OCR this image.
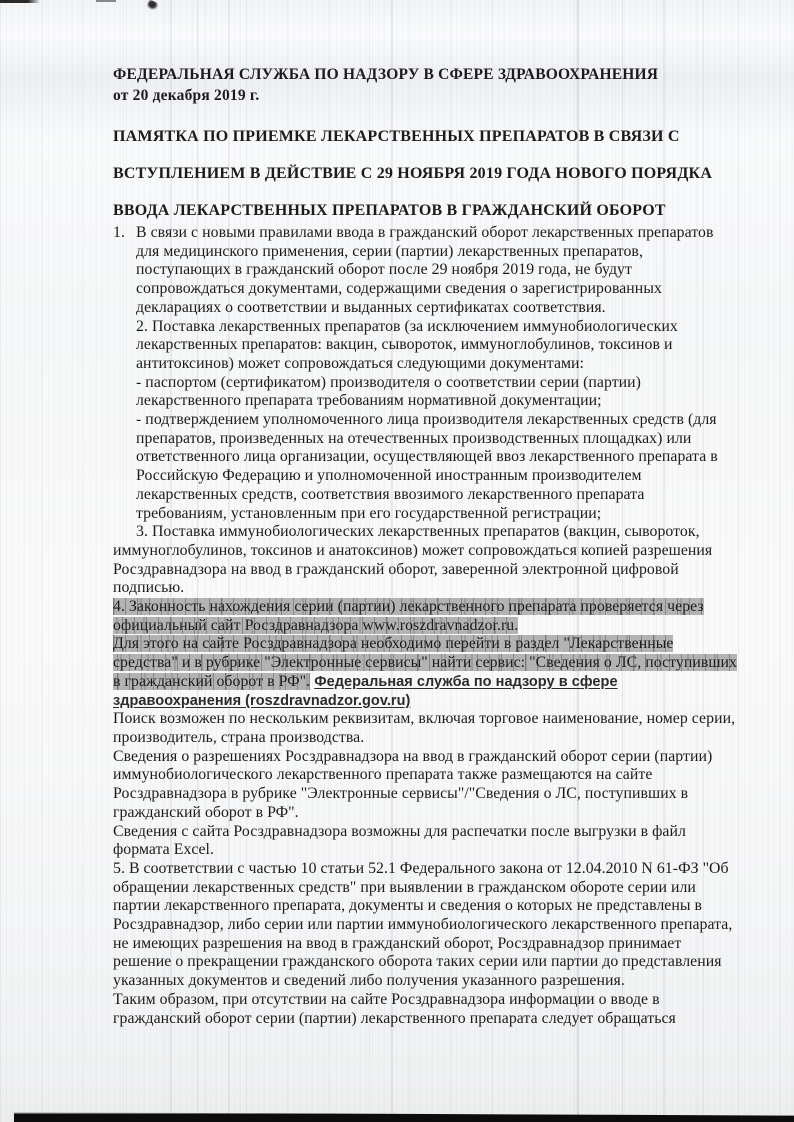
ФЕДЕРАЛЬНАЯ СЛУЖБА ПО НАДЗОРУ В СФЕРЕ ЗДРАВООХРАНЕНИЯ
от 20 декабря 2019 г.
ПАМЯТКА ПО ПРИЕМКЕ ЛЕКАРСТВЕННЫХ ПРЕПАРАТОВ В СВЯЗИ С
ВСТУПЛЕНИЕМ В ДЕЙСТВИЕ С 29 НОЯБРЯ 2019 ГОДА НОВОГО ПОРЯДКА
ВВОДА ЛЕКАРСТВЕННЫХ ПРЕПАРАТОВ В ГРАЖДАНСКИЙ ОБОРОТ
1. В связи с новыми правилами ввода в гражданский оборот лекарственных препаратов для медицинского применения, серии (партии) лекарственных препаратов, поступающих в гражданский оборот после 29 ноября 2019 года, не будут сопровождаться документами, содержащими сведения о зарегистрированных декларациях о соответствии и выданных сертификатах соответствия.
2. Поставка лекарственных препаратов (за исключением иммунобиологических лекарственных препаратов: вакцин, сывороток, иммуноглобулинов, токсинов и антитоксинов) может сопровождаться следующими документами:
- паспортом (сертификатом) производителя о соответствии серии (партии) лекарственного препарата требованиям нормативной документации;
- подтверждением уполномоченного лица производителя лекарственных средств (для препаратов, произведенных на отечественных производственных площадках) или ответственного лица организации, осуществляющей ввоз лекарственного препарата в Российскую Федерацию и уполномоченной иностранным производителем лекарственных средств, соответствия ввозимого лекарственного препарата требованиям, установленным при его государственной регистрации;
3. Поставка иммунобиологических лекарственных препаратов (вакцин, сывороток,
иммуноглобулинов, токсинов и анатоксинов) может сопровождаться копией разрешения Росздравнадзора на ввод в гражданский оборот, заверенной электронной цифровой подписью.
4. Законность нахождения серии (партии) лекарственного препарата проверяется через официальный сайт Росздравнадзора www.roszdravnadzor.ru.
Для этого на сайте Росздравнадзора необходимо перейти в раздел "Лекарственные средства" и в рубрике "Электронные сервисы" найти сервис: "Сведения о ЛС, поступивших в гражданский оборот в РФ". Федеральная служба по надзору в сфере здравоохранения (roszdravnadzor.gov.ru)
Поиск возможен по нескольким реквизитам, включая торговое наименование, номер серии, производитель, страна производства.
Сведения о разрешениях Росздравнадзора на ввод в гражданский оборот серии (партии) иммунобиологического лекарственного препарата также размещаются на сайте Росздравнадзора в рубрике "Электронные сервисы"/"Сведения о ЛС, поступивших в гражданский оборот в РФ".
Сведения с сайта Росздравнадзора возможны для распечатки после выгрузки в файл формата Excel.
5. В соответствии с частью 10 статьи 52.1 Федерального закона от 12.04.2010 N 61-ФЗ "Об обращении лекарственных средств" при выявлении в гражданском обороте серии или партии лекарственного препарата, документы и сведения о которых не представлены в Росздравнадзор, либо серии или партии иммунобиологического лекарственного препарата, не имеющих разрешения на ввод в гражданский оборот, Росздравнадзор принимает решение о прекращении гражданского оборота таких серии или партии до представления указанных документов и сведений либо получения указанного разрешения.
Таким образом, при отсутствии на сайте Росздравнадзора информации о вводе в гражданский оборот серии (партии) лекарственного препарата следует обращаться
